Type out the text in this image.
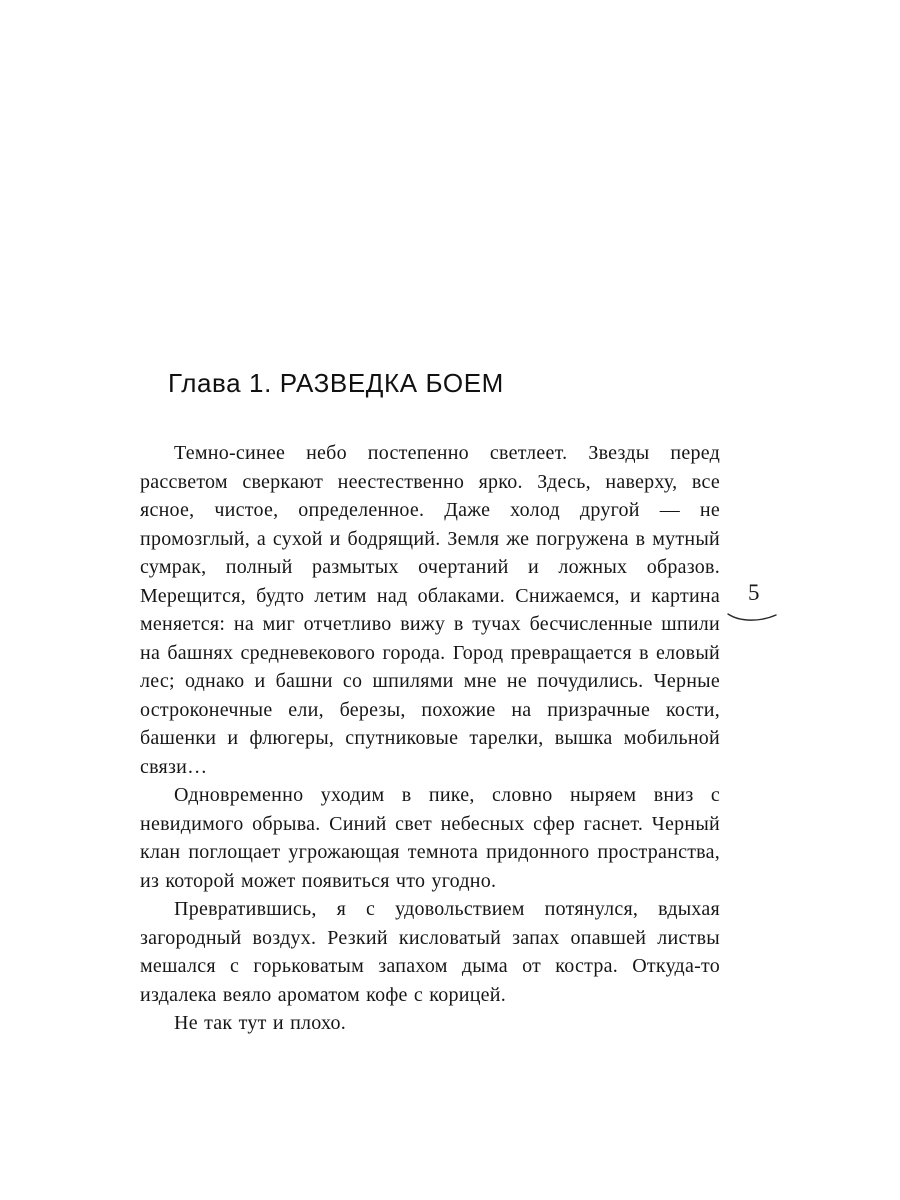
Глава 1. РАЗВЕДКА БОЕМ

Темно-синее небо постепенно светлеет. Звезды перед рассветом сверкают неестественно ярко. Здесь, наверху, все ясное, чистое, определенное. Даже холод другой — не промозглый, а сухой и бодрящий. Земля же погружена в мутный сумрак, полный размытых очертаний и ложных образов. Мерещится, будто летим над облаками. Снижаемся, и картина меняется: на миг отчетливо вижу в тучах бесчисленные шпили на башнях средневекового города. Город превращается в еловый лес; однако и башни со шпилями мне не почудились. Черные остроконечные ели, березы, похожие на призрачные кости, башенки и флюгеры, спутниковые тарелки, вышка мобильной связи…

Одновременно уходим в пике, словно ныряем вниз с невидимого обрыва. Синий свет небесных сфер гаснет. Черный клан поглощает угрожающая темнота придонного пространства, из которой может появиться что угодно.

Превратившись, я с удовольствием потянулся, вдыхая загородный воздух. Резкий кисловатый запах опавшей листвы мешался с горьковатым запахом дыма от костра. Откуда-то издалека веяло ароматом кофе с корицей.

Не так тут и плохо.

5
